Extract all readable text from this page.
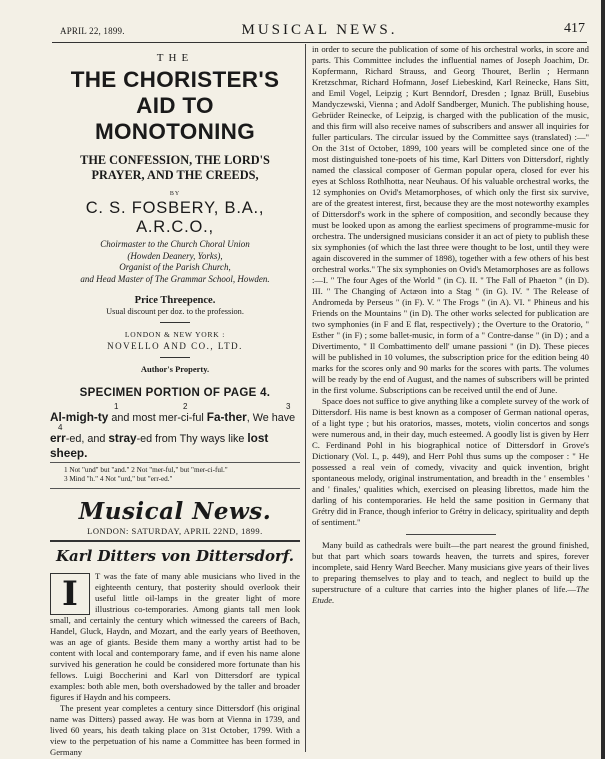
APRIL 22, 1899.	MUSICAL NEWS.	417
THE
THE CHORISTER'S AID TO
MONOTONING
THE CONFESSION, THE LORD'S
PRAYER, AND THE CREEDS,
BY
C. S. FOSBERY, B.A., A.R.C.O.,
Choirmaster to the Church Choral Union
(Howden Deanery, Yorks),
Organist of the Parish Church,
and Head Master of The Grammar School, Howden.
Price Threepence.
Usual discount per doz. to the profession.
LONDON & NEW YORK :
NOVELLO AND CO., LTD.
Author's Property.
SPECIMEN PORTION OF PAGE 4.
1	2	3
Al-migh-ty and most mer-ci-ful Fa-ther, We have
4
err-ed, and stray-ed from Thy ways like lost
sheep.
1 Not "und" but "and." 2 Not "mer-ful," but "mer-ci-ful."
3 Mind "h." 4 Not "urd," but "err-ed."
Musical News.
LONDON: SATURDAY, APRIL 22ND, 1899.
Karl Ditters von Dittersdorf.
I	T was the fate of many able musicians who lived in the eighteenth century, that posterity should overlook their useful little oil-lamps in the greater light of more illustrious co-temporaries. Among giants tall men look small, and certainly the century which witnessed the careers of Bach, Handel, Gluck, Haydn, and Mozart, and the early years of Beethoven, was an age of giants. Beside them many a worthy artist had to be content with local and contemporary fame, and if even his name alone survived his generation he could be considered more fortunate than his fellows. Luigi Boccherini and Karl von Dittersdorf are typical examples: both able men, both overshadowed by the taller and broader figures if Haydn and his compeers.

The present year completes a century since Dittersdorf (his original name was Ditters) passed away. He was born at Vienna in 1739, and lived 60 years, his death taking place on 31st October, 1799. With a view to the perpetuation of his name a Committee has been formed in Germany

in order to secure the publication of some of his orchestral works, in score and parts. This Committee includes the influential names of Joseph Joachim, Dr. Kopfermann, Richard Strauss, and Georg Thouret, Berlin ; Hermann Kretzschmar, Richard Hofmann, Josef Liebeskind, Karl Reinecke, Hans Sitt, and Emil Vogel, Leipzig ; Kurt Benndorf, Dresden ; Ignaz Brüll, Eusebius Mandyczewski, Vienna ; and Adolf Sandberger, Munich. The publishing house, Gebrüder Reinecke, of Leipzig, is charged with the publication of the music, and this firm will also receive names of subscribers and answer all inquiries for fuller particulars. The circular issued by the Committee says (translated) :—" On the 31st of October, 1899, 100 years will be completed since one of the most distinguished tone-poets of his time, Karl Ditters von Dittersdorf, rightly named the classical composer of German popular opera, closed for ever his eyes at Schloss Rothlhotta, near Neuhaus. Of his valuable orchestral works, the 12 symphonies on Ovid's Metamorphoses, of which only the first six survive, are of the greatest interest, first, because they are the most noteworthy examples of Dittersdorf's work in the sphere of composition, and secondly because they must be looked upon as among the earliest specimens of programme-music for orchestra. The undersigned musicians consider it an act of piety to publish these six symphonies (of which the last three were thought to be lost, until they were again discovered in the summer of 1898), together with a few others of his best orchestral works." The six symphonies on Ovid's Metamorphoses are as follows :—I. " The four Ages of the World " (in C). II. " The Fall of Phaeton " (in D). III. " The Changing of Actæon into a Stag " (in G). IV. " The Release of Andromeda by Perseus " (in F). V. " The Frogs " (in A). VI. " Phineus and his Friends on the Mountains " (in D). The other works selected for publication are two symphonies (in F and E flat, respectively) ; the Overture to the Oratorio, " Esther " (in F) ; some ballet-music, in form of a " Contre-danse " (in D) ; and a Divertimento, " Il Combattimento dell' umane passioni " (in D). These pieces will be published in 10 volumes, the subscription price for the edition being 40 marks for the scores only and 90 marks for the scores with parts. The volumes will be ready by the end of August, and the names of subscribers will be printed in the first volume. Subscriptions can be received until the end of June.

Space does not suffice to give anything like a complete survey of the work of Dittersdorf. His name is best known as a composer of German national operas, of a light type ; but his oratorios, masses, motets, violin concertos and songs were numerous and, in their day, much esteemed. A goodly list is given by Herr C. Ferdinand Pohl in his biographical notice of Dittersdorf in Grove's Dictionary (Vol. I., p. 449), and Herr Pohl thus sums up the composer : " He possessed a real vein of comedy, vivacity and quick invention, bright spontaneous melody, original instrumentation, and breadth in the ' ensembles ' and ' finales,' qualities which, exercised on pleasing librettos, made him the darling of his contemporaries. He held the same position in Germany that Grétry did in France, though inferior to Grétry in delicacy, spirituality and depth of sentiment."

Many build as cathedrals were built—the part nearest the ground finished, but that part which soars towards heaven, the turrets and spires, forever incomplete, said Henry Ward Beecher. Many musicians give years of their lives to preparing themselves to play and to teach, and neglect to build up the superstructure of a culture that carries into the higher planes of life.—The Etude.
